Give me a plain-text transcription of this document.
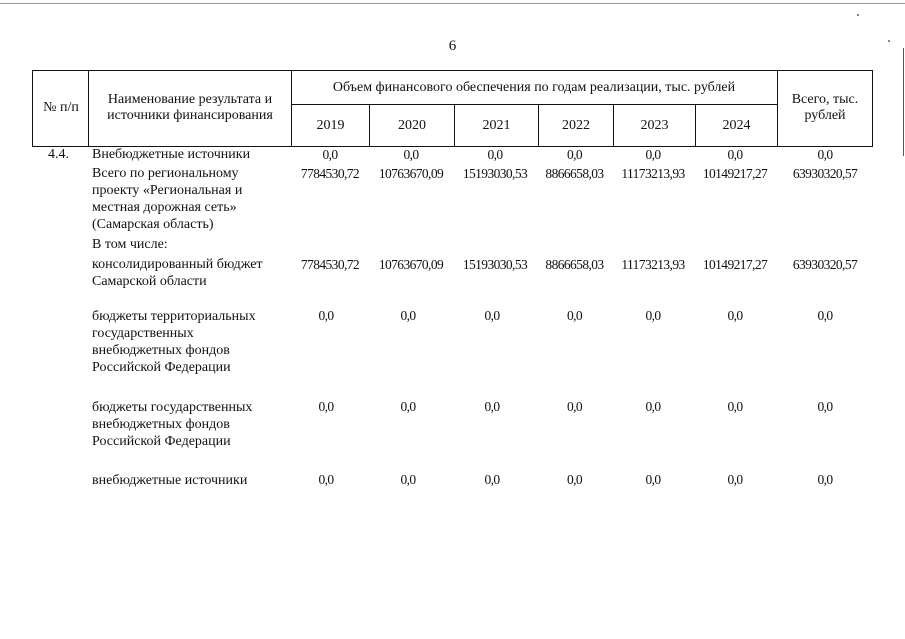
6
№ п/п
Наименование результата и источники финансирования
Объем финансового обеспечения по годам реализации, тыс. рублей
2019	2020	2021	2022	2023	2024
Всего, тыс. рублей
4.4. Внебюджетные источники	0,0	0,0	0,0	0,0	0,0	0,0	0,0
Всего по региональному
проекту «Региональная и
местная дорожная сеть»
(Самарская область)
7784530,72	10763670,09	15193030,53	8866658,03	11173213,93	10149217,27	63930320,57
В том числе:
консолидированный бюджет
Самарской области
7784530,72	10763670,09	15193030,53	8866658,03	11173213,93	10149217,27	63930320,57
бюджеты территориальных
государственных
внебюджетных фондов
Российской Федерации
0,0	0,0	0,0	0,0	0,0	0,0	0,0
бюджеты государственных
внебюджетных фондов
Российской Федерации
0,0	0,0	0,0	0,0	0,0	0,0	0,0
внебюджетные источники	0,0	0,0	0,0	0,0	0,0	0,0	0,0
